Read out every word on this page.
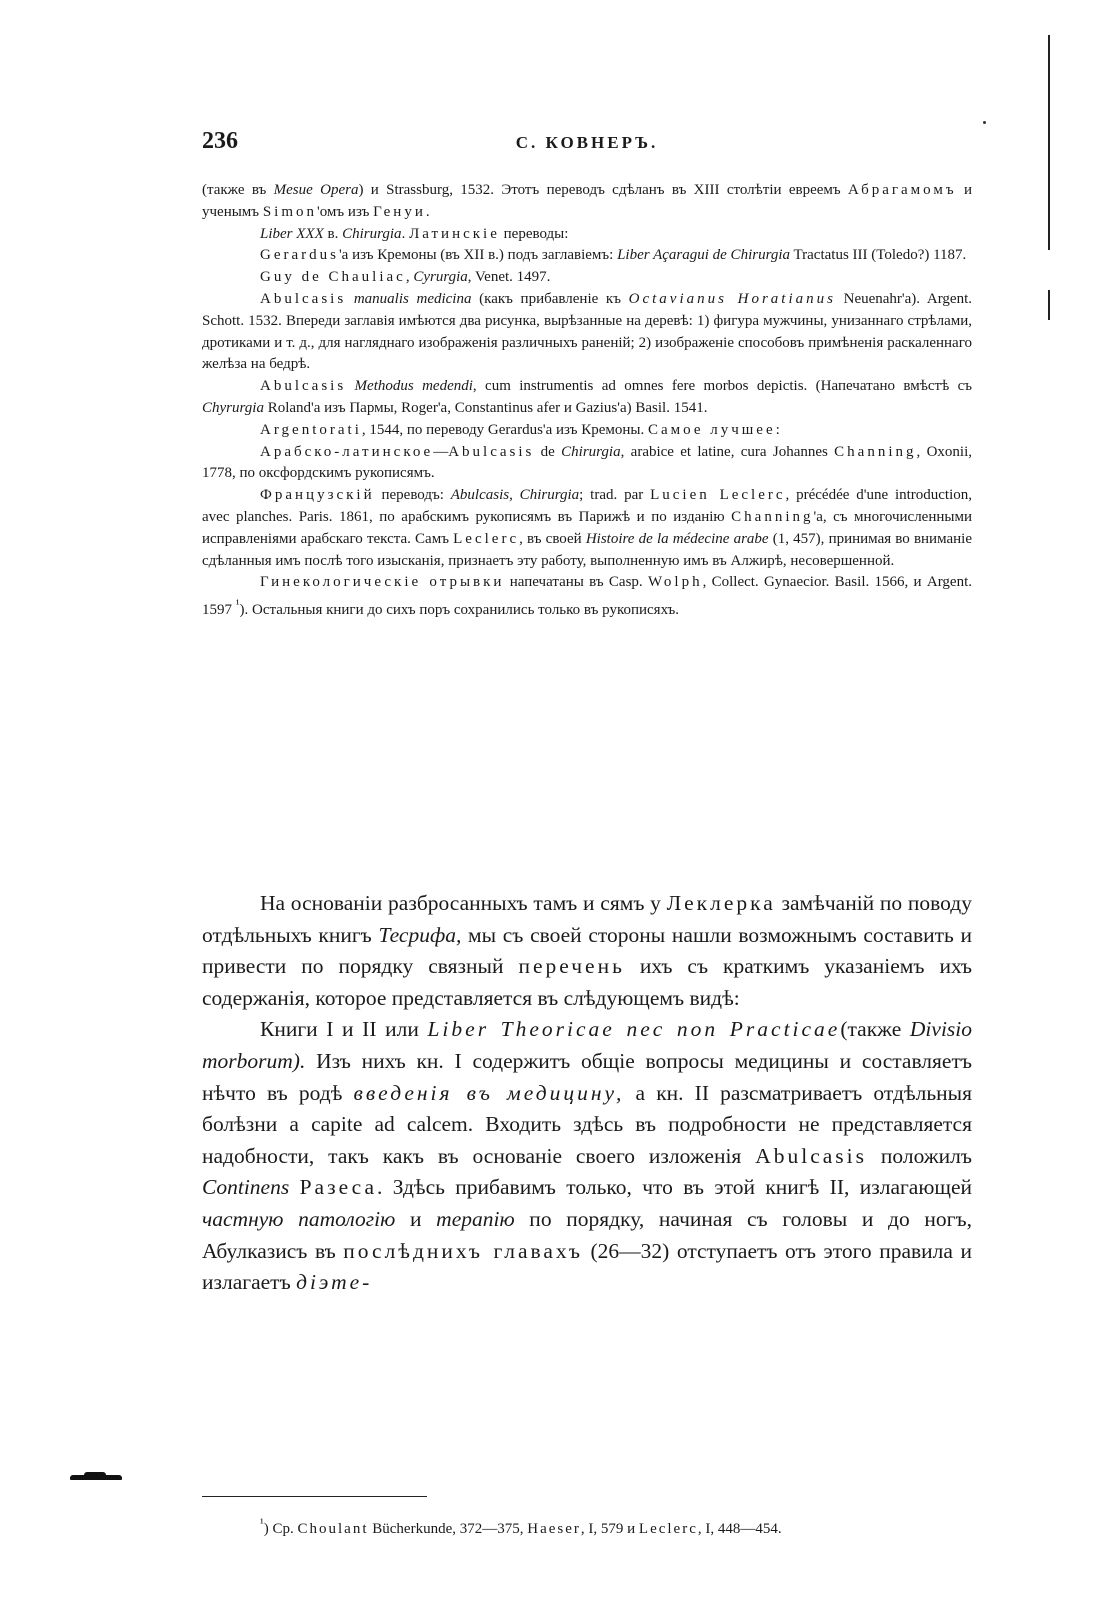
236	С. КОВНЕРЪ.

(также въ Mesue Opera) и Strassburg, 1532. Этотъ переводъ сдѣланъ въ XIII столѣтіи евреемъ Абрагамомъ и ученымъ Simon'омъ изъ Генуи.

Liber XXX в. Chirurgia. Латинскіе переводы:

Gerardus'а изъ Кремоны (въ XII в.) подъ заглавіемъ: Liber Açaragui de Chirurgia Tractatus III (Toledo?) 1187.

Guy de Chauliac, Cyrurgia, Venet. 1497.

Abulcasis manualis medicina (какъ прибавленіе къ Octavianus Horatianus Neuenahr'а). Argent. Schott. 1532. Впереди заглавія имѣются два рисунка, вырѣзанные на деревѣ: 1) фигура мужчины, унизаннаго стрѣлами, дротиками и т. д., для нагляднаго изображенія различныхъ раненій; 2) изображеніе способовъ примѣненія раскаленнаго желѣза на бедрѣ.

Abulcasis Methodus medendi, cum instrumentis ad omnes fere morbos depictis. (Напечатано вмѣстѣ съ Chyrurgia Roland'а изъ Пармы, Roger'а, Constantinus afer и Gazius'а) Basil. 1541.

Argentorati, 1544, по переводу Gerardus'а изъ Кремоны. Самое лучшее:

Арабско-латинское—Abulcasis de Chirurgia, arabice et latine, cura Johannes Channing, Oxonii, 1778, по оксфордскимъ рукописямъ.

Французскій переводъ: Abulcasis, Chirurgia; trad. par Lucien Leclerc, précédée d'une introduction, avec planches. Paris. 1861, по арабскимъ рукописямъ въ Парижѣ и по изданію Channing'а, съ многочисленными исправленіями арабскаго текста. Самъ Leclerc, въ своей Histoire de la médecine arabe (1, 457), принимая во вниманіе сдѣланныя имъ послѣ того изысканія, признаетъ эту работу, выполненную имъ въ Алжирѣ, несовершенной.

Гинекологическіе отрывки напечатаны въ Casp. Wolph, Collect. Gynaecior. Basil. 1566, и Argent. 1597 $^{^1}$). Остальныя книги до сихъ поръ сохранились только въ рукописяхъ.

На основаніи разбросанныхъ тамъ и сямъ у Леклерка замѣчаній по поводу отдѣльныхъ книгъ Тесрифа, мы съ своей стороны нашли возможнымъ составить и привести по порядку связный перечень ихъ съ краткимъ указаніемъ ихъ содержанія, которое представляется въ слѣдующемъ видѣ:

Книги I и II или Liber Theoricae nec non Practicae(также Divisio morborum). Изъ нихъ кн. I содержитъ общіе вопросы медицины и составляетъ нѣчто въ родѣ введенія въ медицину, а кн. II разсматриваетъ отдѣльныя болѣзни a capite ad calcem. Входить здѣсь въ подробности не представляется надобности, такъ какъ въ основаніе своего изложенія Abulcasis положилъ Continens Разеса. Здѣсь прибавимъ только, что въ этой книгѣ II, излагающей частную патологію и терапію по порядку, начиная съ головы и до ногъ, Абулказисъ въ послѣднихъ главахъ (26—32) отступаетъ отъ этого правила и излагаетъ діэте-

$^{^1}$) Cp. Choulant Bücherkunde, 372—375, Haeser, I, 579 и Leclerc, I, 448—454.
